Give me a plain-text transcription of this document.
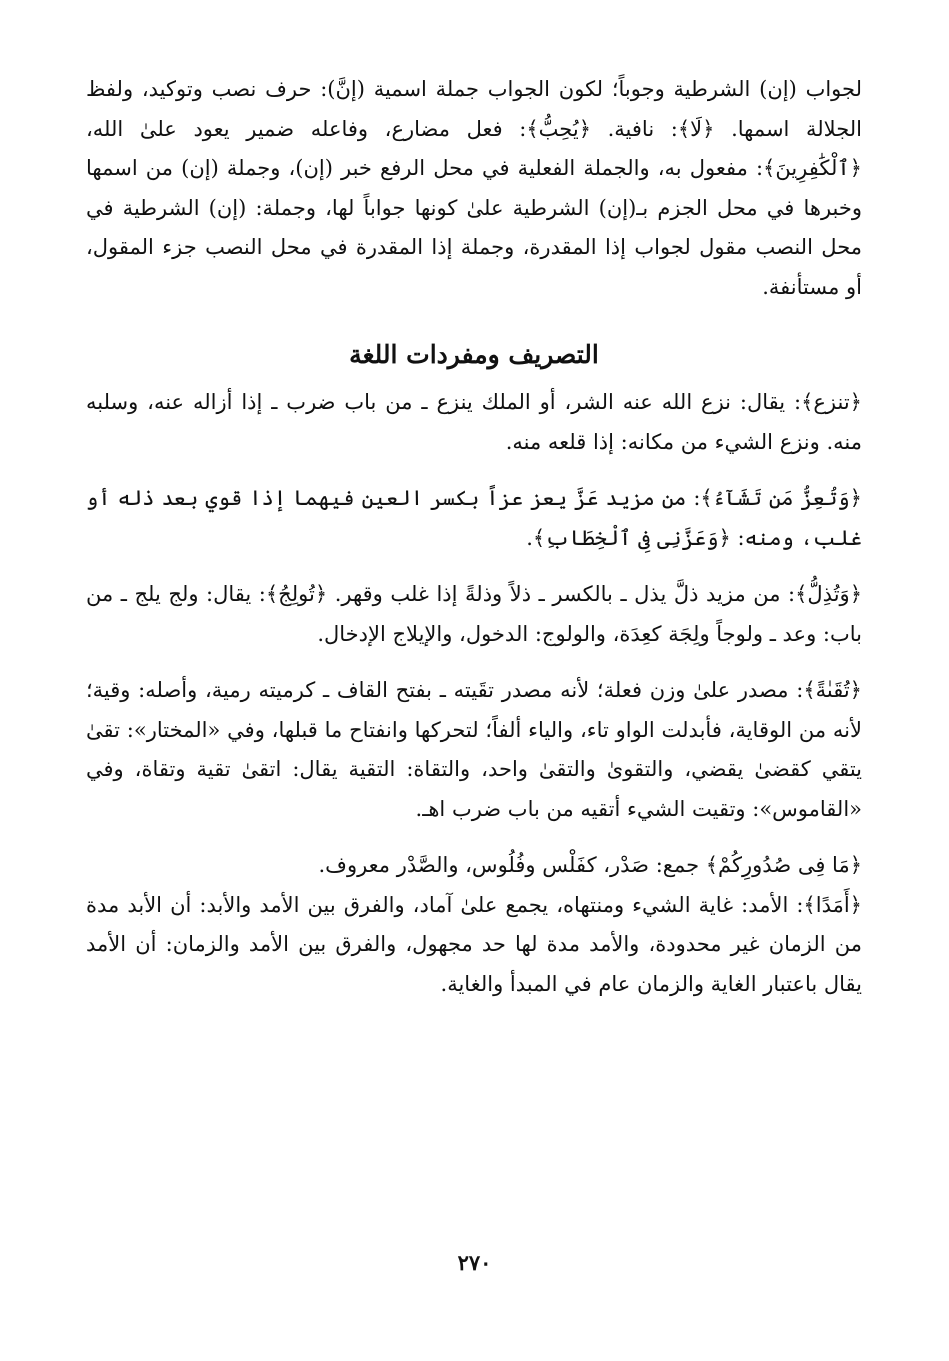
لجواب (إن) الشرطية وجوباً؛ لكون الجواب جملة اسمية (إنَّ): حرف نصب وتوكيد، ولفظ الجلالة اسمها. ﴿لَا﴾: نافية. ﴿يُحِبُّ﴾: فعل مضارع، وفاعله ضمير يعود علىٰ الله، ﴿ٱلْكَٰفِرِينَ﴾: مفعول به، والجملة الفعلية في محل الرفع خبر (إن)، وجملة (إن) من اسمها وخبرها في محل الجزم بـ(إن) الشرطية علىٰ كونها جواباً لها، وجملة: (إن) الشرطية في محل النصب مقول لجواب إذا المقدرة، وجملة إذا المقدرة في محل النصب جزء المقول، أو مستأنفة.

التصريف ومفردات اللغة

﴿تنزع﴾: يقال: نزع الله عنه الشر، أو الملك ينزع ـ من باب ضرب ـ إذا أزاله عنه، وسلبه منه. ونزع الشيء من مكانه: إذا قلعه منه.

﴿وَتُعِزُّ مَن تَشَآءُ﴾: من مزيد عَزَّ يعز عزاً بكسر العين فيهما إذا قوي بعد ذله أو غلب، ومنه: ﴿وَعَزَّنِى فِى ٱلْخِطَابِ﴾.

﴿وَتُذِلُّ﴾: من مزيد ذلَّ يذل ـ بالكسر ـ ذلاً وذلةً إذا غلب وقهر. ﴿تُولِجُ﴾: يقال: ولج يلج ـ من باب: وعد ـ ولوجاً ولِجَة كعِدَة، والولوج: الدخول، والإيلاج الإدخال.

﴿تُقَىٰةً﴾: مصدر علىٰ وزن فعلة؛ لأنه مصدر تقَيته ـ بفتح القاف ـ كرميته رمية، وأصله: وقية؛ لأنه من الوقاية، فأبدلت الواو تاء، والياء ألفاً؛ لتحركها وانفتاح ما قبلها، وفي «المختار»: تقىٰ يتقي كقضىٰ يقضي، والتقوىٰ والتقىٰ واحد، والتقاة: التقية يقال: اتقىٰ تقية وتقاة، وفي «القاموس»: وتقيت الشيء أتقيه من باب ضرب اهـ.

﴿مَا فِى صُدُورِكُمْ﴾ جمع: صَدْر، كفَلْس وفُلُوس، والصَّدْر معروف.

﴿أَمَدًا﴾: الأمد: غاية الشيء ومنتهاه، يجمع علىٰ آماد، والفرق بين الأمد والأبد: أن الأبد مدة من الزمان غير محدودة، والأمد مدة لها حد مجهول، والفرق بين الأمد والزمان: أن الأمد يقال باعتبار الغاية والزمان عام في المبدأ والغاية.

٢٧٠
